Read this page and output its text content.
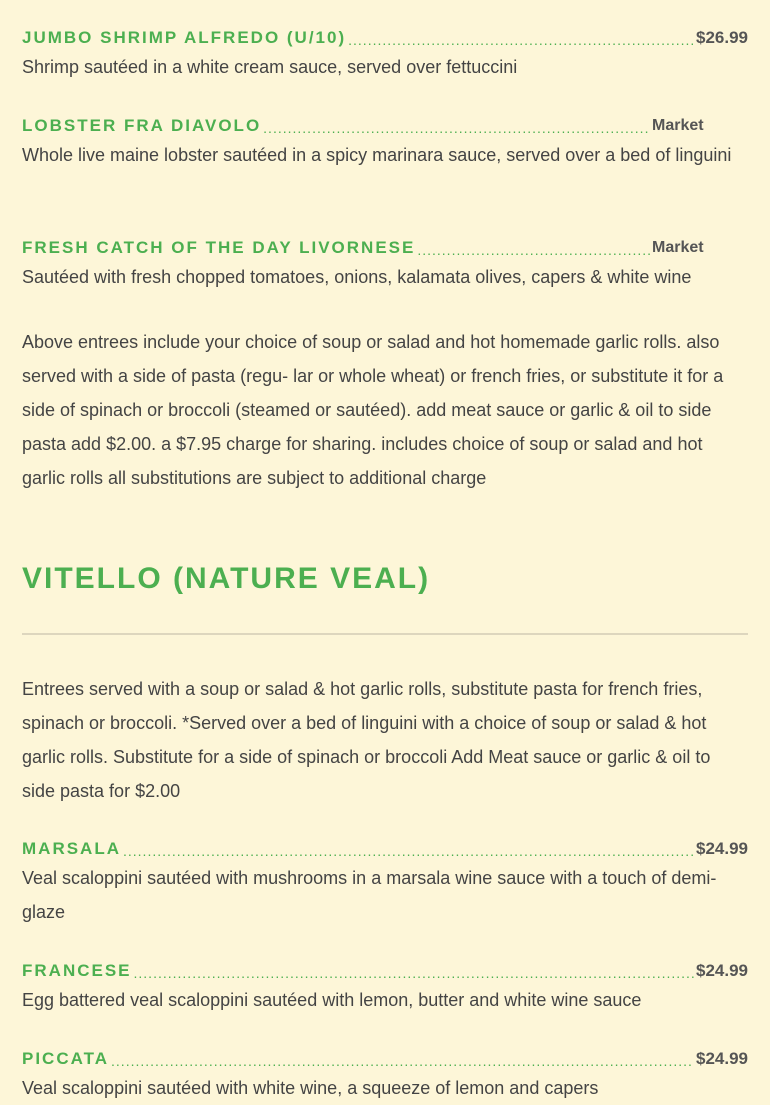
JUMBO SHRIMP ALFREDO (U/10) .....	$26.99

Shrimp sautéed in a white cream sauce, served over fettuccini

LOBSTER FRA DIAVOLO .....	Market

Whole live maine lobster sautéed in a spicy marinara sauce, served over a bed of linguini

FRESH CATCH OF THE DAY LIVORNESE .....	Market

Sautéed with fresh chopped tomatoes, onions, kalamata olives, capers & white wine

Above entrees include your choice of soup or salad and hot homemade garlic rolls. also served with a side of pasta (regu- lar or whole wheat) or french fries, or substitute it for a side of spinach or broccoli (steamed or sautéed). add meat sauce or garlic & oil to side pasta add $2.00. a $7.95 charge for sharing. includes choice of soup or salad and hot garlic rolls all substitutions are subject to additional charge

VITELLO (NATURE VEAL)

Entrees served with a soup or salad & hot garlic rolls, substitute pasta for french fries, spinach or broccoli. *Served over a bed of linguini with a choice of soup or salad & hot garlic rolls. Substitute for a side of spinach or broccoli Add Meat sauce or garlic & oil to side pasta for $2.00

MARSALA .....	$24.99

Veal scaloppini sautéed with mushrooms in a marsala wine sauce with a touch of demi-glaze

FRANCESE .....	$24.99

Egg battered veal scaloppini sautéed with lemon, butter and white wine sauce

PICCATA .....	$24.99

Veal scaloppini sautéed with white wine, a squeeze of lemon and capers
